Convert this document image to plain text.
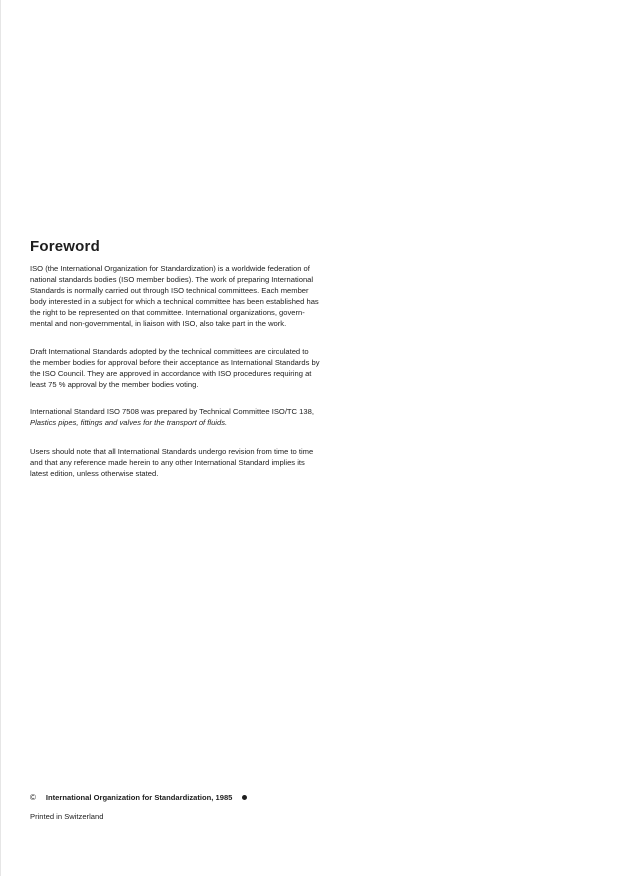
Foreword

ISO (the International Organization for Standardization) is a worldwide federation of
national standards bodies (ISO member bodies). The work of preparing International
Standards is normally carried out through ISO technical committees. Each member
body interested in a subject for which a technical committee has been established has
the right to be represented on that committee. International organizations, govern-
mental and non-governmental, in liaison with ISO, also take part in the work.

Draft International Standards adopted by the technical committees are circulated to
the member bodies for approval before their acceptance as International Standards by
the ISO Council. They are approved in accordance with ISO procedures requiring at
least 75 % approval by the member bodies voting.

International Standard ISO 7508 was prepared by Technical Committee ISO/TC 138,
Plastics pipes, fittings and valves for the transport of fluids.

Users should note that all International Standards undergo revision from time to time
and that any reference made herein to any other International Standard implies its
latest edition, unless otherwise stated.

© International Organization for Standardization, 1985
Printed in Switzerland
